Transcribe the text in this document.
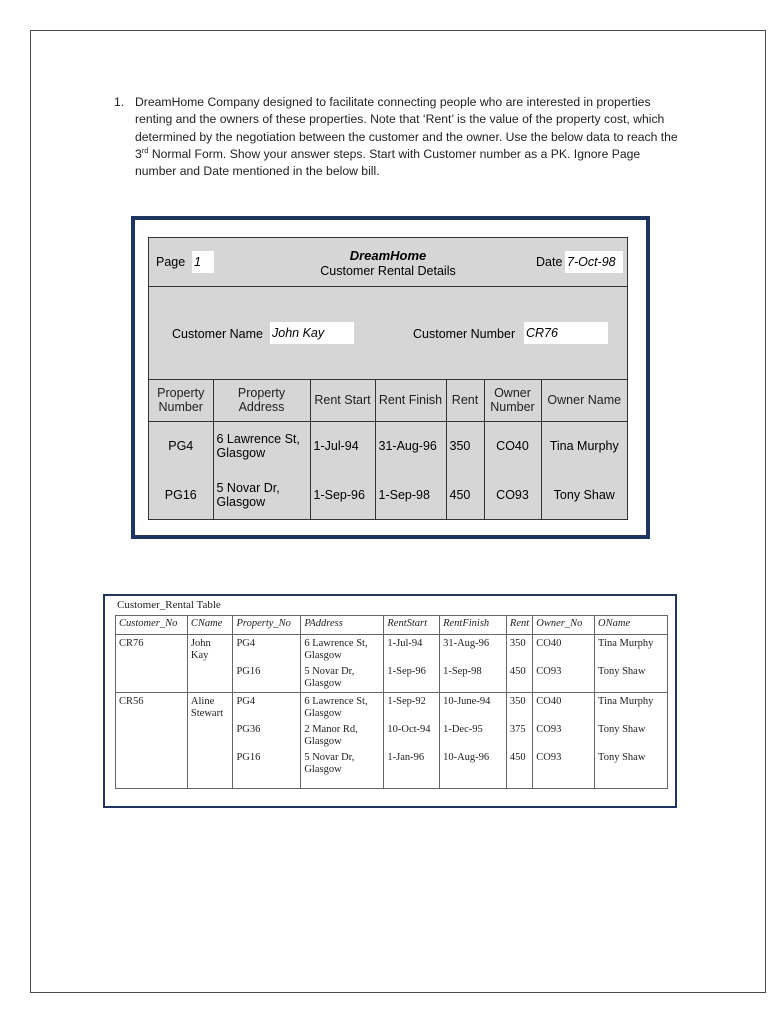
1. DreamHome Company designed to facilitate connecting people who are interested in properties renting and the owners of these properties. Note that ‘Rent’ is the value of the property cost, which determined by the negotiation between the customer and the owner. Use the below data to reach the 3rd Normal Form. Show your answer steps. Start with Customer number as a PK. Ignore Page number and Date mentioned in the below bill.
Page 1	DreamHome
Customer Rental Details
Date 7-Oct-98
Customer Name John Kay	Customer Number CR76
Property Number	Property Address	Rent Start	Rent Finish	Rent	Owner Number	Owner Name
PG4	6 Lawrence St, Glasgow	1-Jul-94	31-Aug-96	350	CO40	Tina Murphy
PG16	5 Novar Dr, Glasgow	1-Sep-96	1-Sep-98	450	CO93	Tony Shaw
Customer_Rental Table
Customer_No	CName	Property_No	PAddress	RentStart	RentFinish	Rent	Owner_No	OName
CR76	John Kay	PG4	6 Lawrence St, Glasgow	1-Jul-94	31-Aug-96	350	CO40	Tina Murphy
		PG16	5 Novar Dr, Glasgow	1-Sep-96	1-Sep-98	450	CO93	Tony Shaw
CR56	Aline Stewart	PG4	6 Lawrence St, Glasgow	1-Sep-92	10-June-94	350	CO40	Tina Murphy
		PG36	2 Manor Rd, Glasgow	10-Oct-94	1-Dec-95	375	CO93	Tony Shaw
		PG16	5 Novar Dr, Glasgow	1-Jan-96	10-Aug-96	450	CO93	Tony Shaw
